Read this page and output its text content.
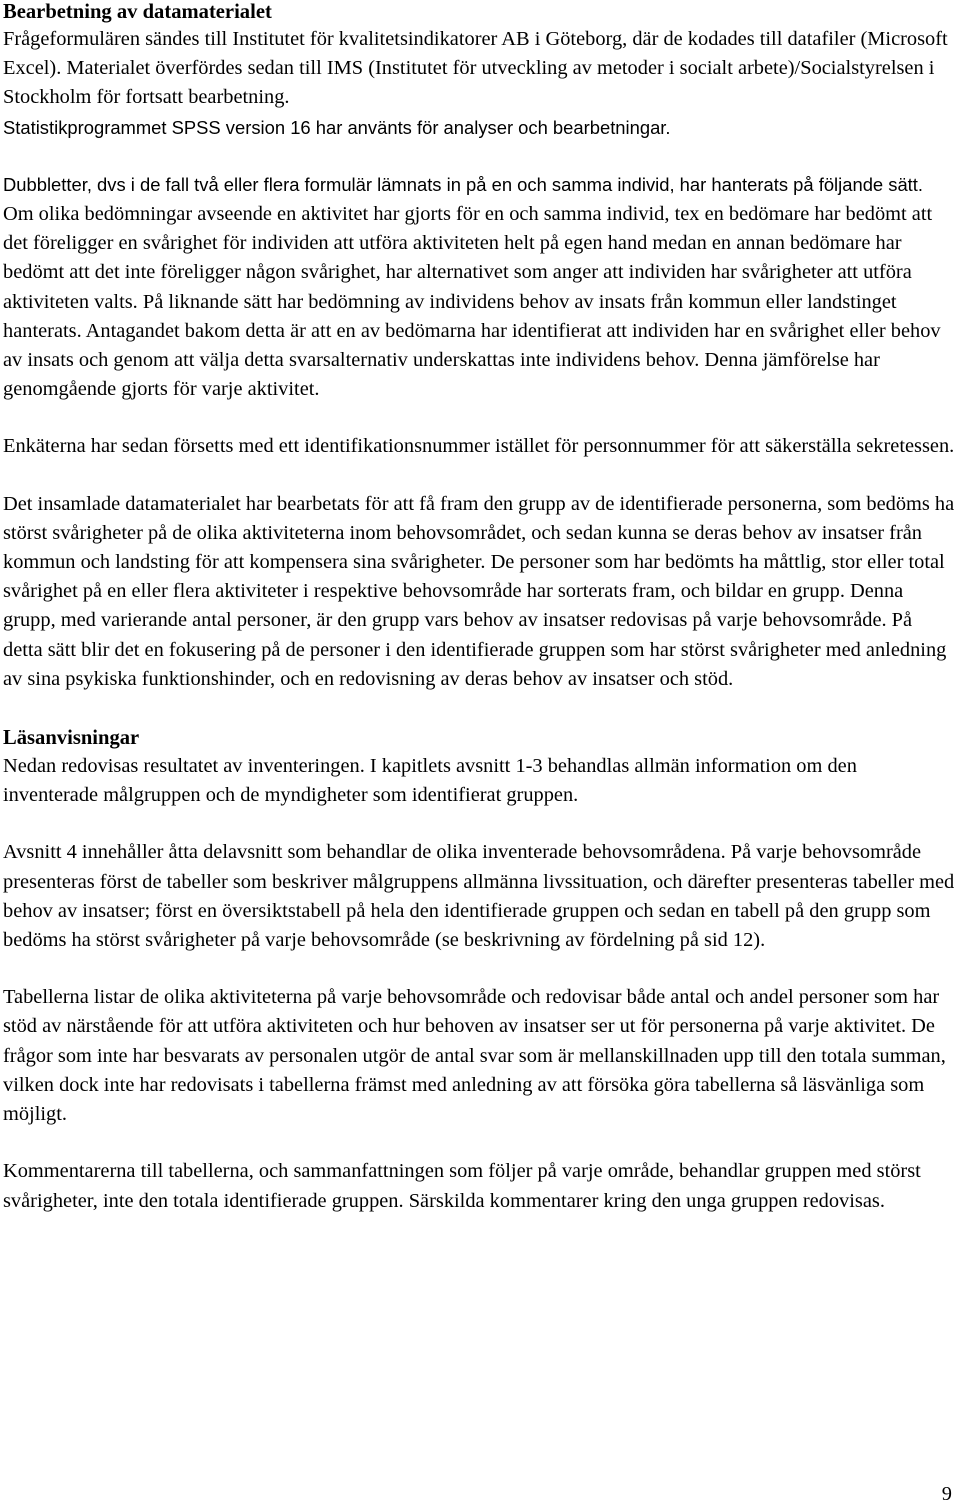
Bearbetning av datamaterialet

Frågeformulären sändes till Institutet för kvalitetsindikatorer AB i Göteborg, där de kodades till datafiler (Microsoft Excel). Materialet överfördes sedan till IMS (Institutet för utveckling av metoder i socialt arbete)/Socialstyrelsen i Stockholm för fortsatt bearbetning.
Statistikprogrammet SPSS version 16 har använts för analyser och bearbetningar.

Dubbletter, dvs i de fall två eller flera formulär lämnats in på en och samma individ, har hanterats på följande sätt. Om olika bedömningar avseende en aktivitet har gjorts för en och samma individ, tex en bedömare har bedömt att det föreligger en svårighet för individen att utföra aktiviteten helt på egen hand medan en annan bedömare har bedömt att det inte föreligger någon svårighet, har alternativet som anger att individen har svårigheter att utföra aktiviteten valts. På liknande sätt har bedömning av individens behov av insats från kommun eller landstinget hanterats. Antagandet bakom detta är att en av bedömarna har identifierat att individen har en svårighet eller behov av insats och genom att välja detta svarsalternativ underskattas inte individens behov. Denna jämförelse har genomgående gjorts för varje aktivitet.

Enkäterna har sedan försetts med ett identifikationsnummer istället för personnummer för att säkerställa sekretessen.

Det insamlade datamaterialet har bearbetats för att få fram den grupp av de identifierade personerna, som bedöms ha störst svårigheter på de olika aktiviteterna inom behovsområdet, och sedan kunna se deras behov av insatser från kommun och landsting för att kompensera sina svårigheter. De personer som har bedömts ha måttlig, stor eller total svårighet på en eller flera aktiviteter i respektive behovsområde har sorterats fram, och bildar en grupp. Denna grupp, med varierande antal personer, är den grupp vars behov av insatser redovisas på varje behovsområde. På detta sätt blir det en fokusering på de personer i den identifierade gruppen som har störst svårigheter med anledning av sina psykiska funktionshinder, och en redovisning av deras behov av insatser och stöd.

Läsanvisningar

Nedan redovisas resultatet av inventeringen. I kapitlets avsnitt 1-3 behandlas allmän information om den inventerade målgruppen och de myndigheter som identifierat gruppen.

Avsnitt 4 innehåller åtta delavsnitt som behandlar de olika inventerade behovsområdena. På varje behovsområde presenteras först de tabeller som beskriver målgruppens allmänna livssituation, och därefter presenteras tabeller med behov av insatser; först en översiktstabell på hela den identifierade gruppen och sedan en tabell på den grupp som bedöms ha störst svårigheter på varje behovsområde (se beskrivning av fördelning på sid 12).

Tabellerna listar de olika aktiviteterna på varje behovsområde och redovisar både antal och andel personer som har stöd av närstående för att utföra aktiviteten och hur behoven av insatser ser ut för personerna på varje aktivitet. De frågor som inte har besvarats av personalen utgör de antal svar som är mellanskillnaden upp till den totala summan, vilken dock inte har redovisats i tabellerna främst med anledning av att försöka göra tabellerna så läsvänliga som möjligt.

Kommentarerna till tabellerna, och sammanfattningen som följer på varje område, behandlar gruppen med störst svårigheter, inte den totala identifierade gruppen. Särskilda kommentarer kring den unga gruppen redovisas.

9
